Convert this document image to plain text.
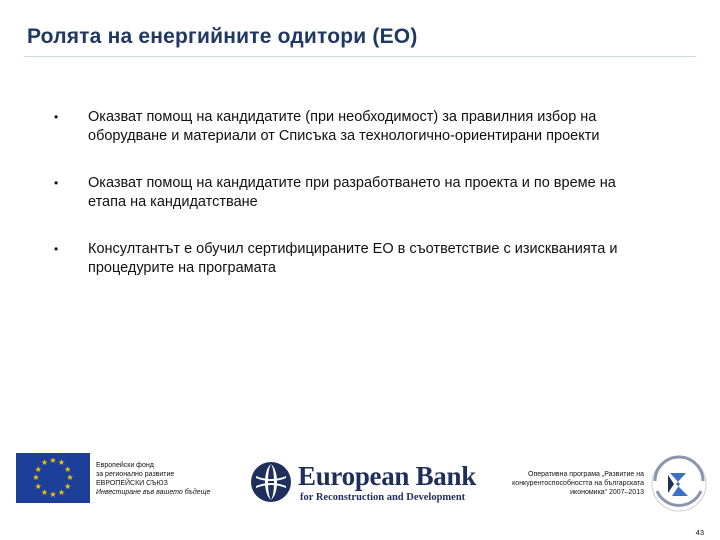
Ролята на енергийните одитори (ЕО)
• Оказват помощ на кандидатите (при необходимост) за правилния избор на
оборудване и материали от Списъка за технологично-ориентирани проекти
• Оказват помощ на кандидатите при разработването на проекта и по време на
етапа на кандидатстване
• Консултантът е обучил сертифицираните ЕО в съответствие с изискванията и
процедурите на програмата
★ ★
★
★
★
★
★
★
★
★
★
★	Европейски фонд
за регионално развитие
ЕВРОПЕЙСКИ СЪЮЗ
Инвестиране във вашето бъдеще
European Bank
for Reconstruction and Development
Оперативна програма „Развитие на
конкурентоспособността на българската
икономика“ 2007–2013
43
